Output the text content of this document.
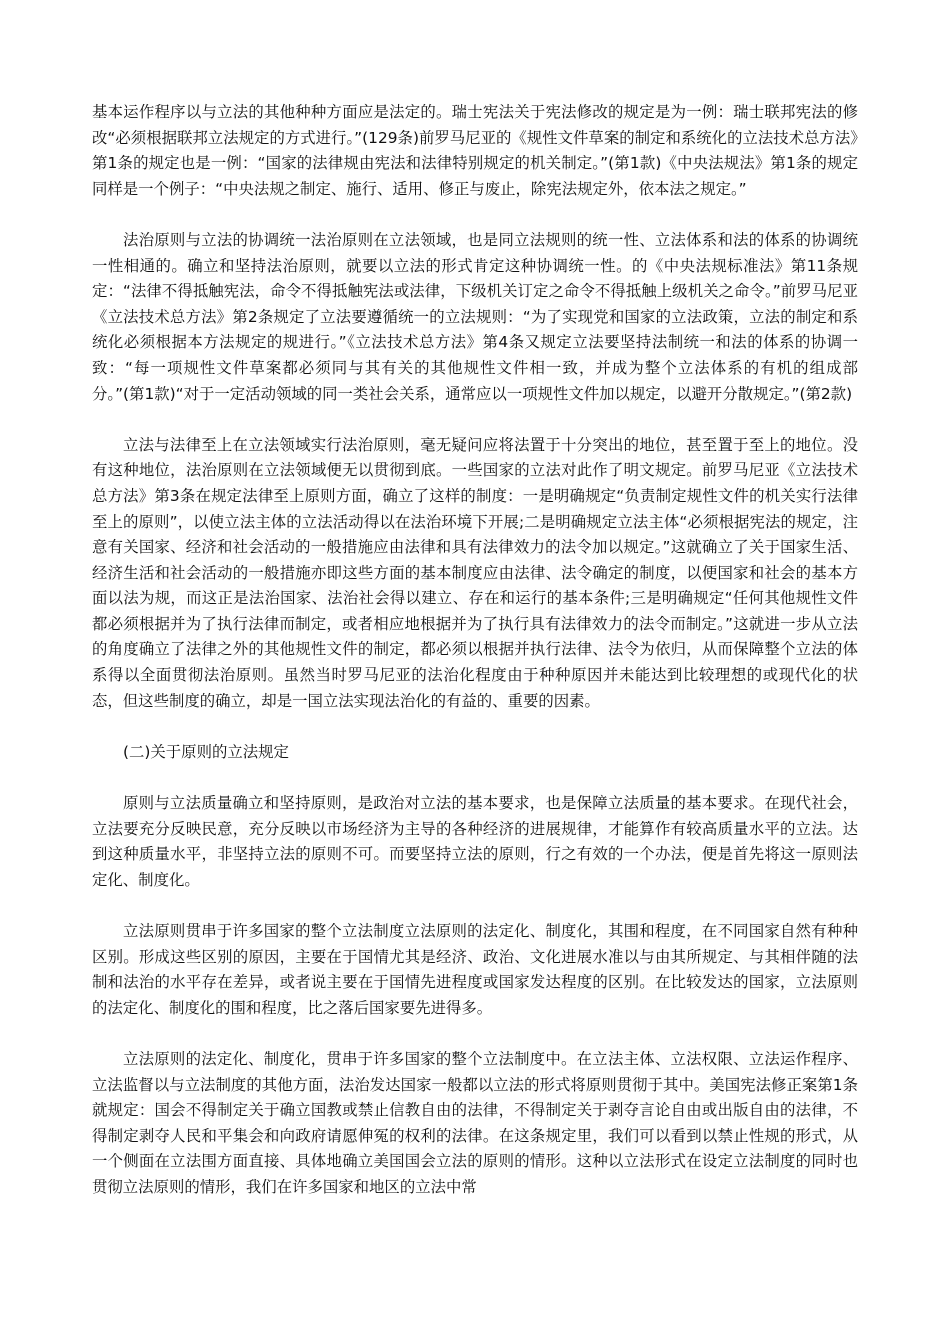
基本运作程序以与立法的其他种种方面应是法定的。瑞士宪法关于宪法修改的规定是为一例：瑞士联邦宪法的修改“必须根据联邦立法规定的方式进行。”(129条)前罗马尼亚的《规性文件草案的制定和系统化的立法技术总方法》第1条的规定也是一例：“国家的法律规由宪法和法律特别规定的机关制定。”(第1款)《中央法规法》第1条的规定同样是一个例子：“中央法规之制定、施行、适用、修正与废止，除宪法规定外，依本法之规定。”

法治原则与立法的协调统一法治原则在立法领域，也是同立法规则的统一性、立法体系和法的体系的协调统一性相通的。确立和坚持法治原则，就要以立法的形式肯定这种协调统一性。的《中央法规标准法》第11条规定：“法律不得抵触宪法，命令不得抵触宪法或法律，下级机关订定之命令不得抵触上级机关之命令。”前罗马尼亚《立法技术总方法》第2条规定了立法要遵循统一的立法规则：“为了实现党和国家的立法政策，立法的制定和系统化必须根据本方法规定的规进行。”《立法技术总方法》第4条又规定立法要坚持法制统一和法的体系的协调一致：“每一项规性文件草案都必须同与其有关的其他规性文件相一致，并成为整个立法体系的有机的组成部分。”(第1款)“对于一定活动领域的同一类社会关系，通常应以一项规性文件加以规定，以避开分散规定。”(第2款)

立法与法律至上在立法领域实行法治原则，毫无疑问应将法置于十分突出的地位，甚至置于至上的地位。没有这种地位，法治原则在立法领域便无以贯彻到底。一些国家的立法对此作了明文规定。前罗马尼亚《立法技术总方法》第3条在规定法律至上原则方面，确立了这样的制度：一是明确规定“负责制定规性文件的机关实行法律至上的原则”，以使立法主体的立法活动得以在法治环境下开展;二是明确规定立法主体“必须根据宪法的规定，注意有关国家、经济和社会活动的一般措施应由法律和具有法律效力的法令加以规定。”这就确立了关于国家生活、经济生活和社会活动的一般措施亦即这些方面的基本制度应由法律、法令确定的制度，以便国家和社会的基本方面以法为规，而这正是法治国家、法治社会得以建立、存在和运行的基本条件;三是明确规定“任何其他规性文件都必须根据并为了执行法律而制定，或者相应地根据并为了执行具有法律效力的法令而制定。”这就进一步从立法的角度确立了法律之外的其他规性文件的制定，都必须以根据并执行法律、法令为依归，从而保障整个立法的体系得以全面贯彻法治原则。虽然当时罗马尼亚的法治化程度由于种种原因并未能达到比较理想的或现代化的状态，但这些制度的确立，却是一国立法实现法治化的有益的、重要的因素。

(二)关于原则的立法规定

原则与立法质量确立和坚持原则，是政治对立法的基本要求，也是保障立法质量的基本要求。在现代社会，立法要充分反映民意，充分反映以市场经济为主导的各种经济的进展规律，才能算作有较高质量水平的立法。达到这种质量水平，非坚持立法的原则不可。而要坚持立法的原则，行之有效的一个办法，便是首先将这一原则法定化、制度化。

立法原则贯串于许多国家的整个立法制度立法原则的法定化、制度化，其围和程度，在不同国家自然有种种区别。形成这些区别的原因，主要在于国情尤其是经济、政治、文化进展水准以与由其所规定、与其相伴随的法制和法治的水平存在差异，或者说主要在于国情先进程度或国家发达程度的区别。在比较发达的国家，立法原则的法定化、制度化的围和程度，比之落后国家要先进得多。

立法原则的法定化、制度化，贯串于许多国家的整个立法制度中。在立法主体、立法权限、立法运作程序、立法监督以与立法制度的其他方面，法治发达国家一般都以立法的形式将原则贯彻于其中。美国宪法修正案第1条就规定：国会不得制定关于确立国教或禁止信教自由的法律，不得制定关于剥夺言论自由或出版自由的法律，不得制定剥夺人民和平集会和向政府请愿伸冤的权利的法律。在这条规定里，我们可以看到以禁止性规的形式，从一个侧面在立法围方面直接、具体地确立美国国会立法的原则的情形。这种以立法形式在设定立法制度的同时也贯彻立法原则的情形，我们在许多国家和地区的立法中常
